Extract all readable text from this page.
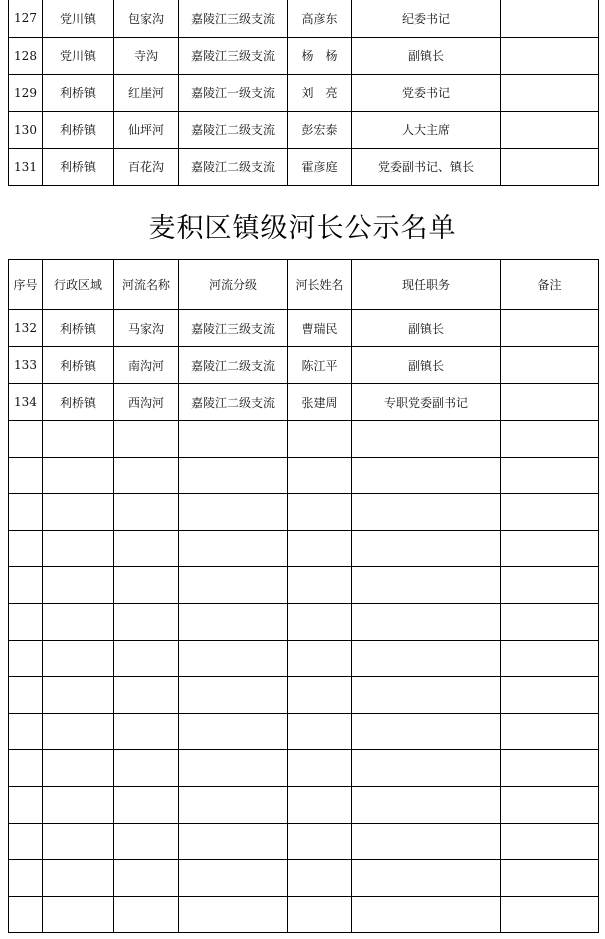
127	党川镇	包家沟	嘉陵江三级支流	高彦东	纪委书记	
128	党川镇	寺沟	嘉陵江三级支流	杨　杨	副镇长	
129	利桥镇	红崖河	嘉陵江一级支流	刘　亮	党委书记	
130	利桥镇	仙坪河	嘉陵江二级支流	彭宏泰	人大主席	
131	利桥镇	百花沟	嘉陵江二级支流	霍彦庭	党委副书记、镇长	
麦积区镇级河长公示名单
序号	行政区域	河流名称	河流分级	河长姓名	现任职务	备注
132	利桥镇	马家沟	嘉陵江三级支流	曹瑞民	副镇长	
133	利桥镇	南沟河	嘉陵江二级支流	陈江平	副镇长	
134	利桥镇	西沟河	嘉陵江二级支流	张建周	专职党委副书记	
